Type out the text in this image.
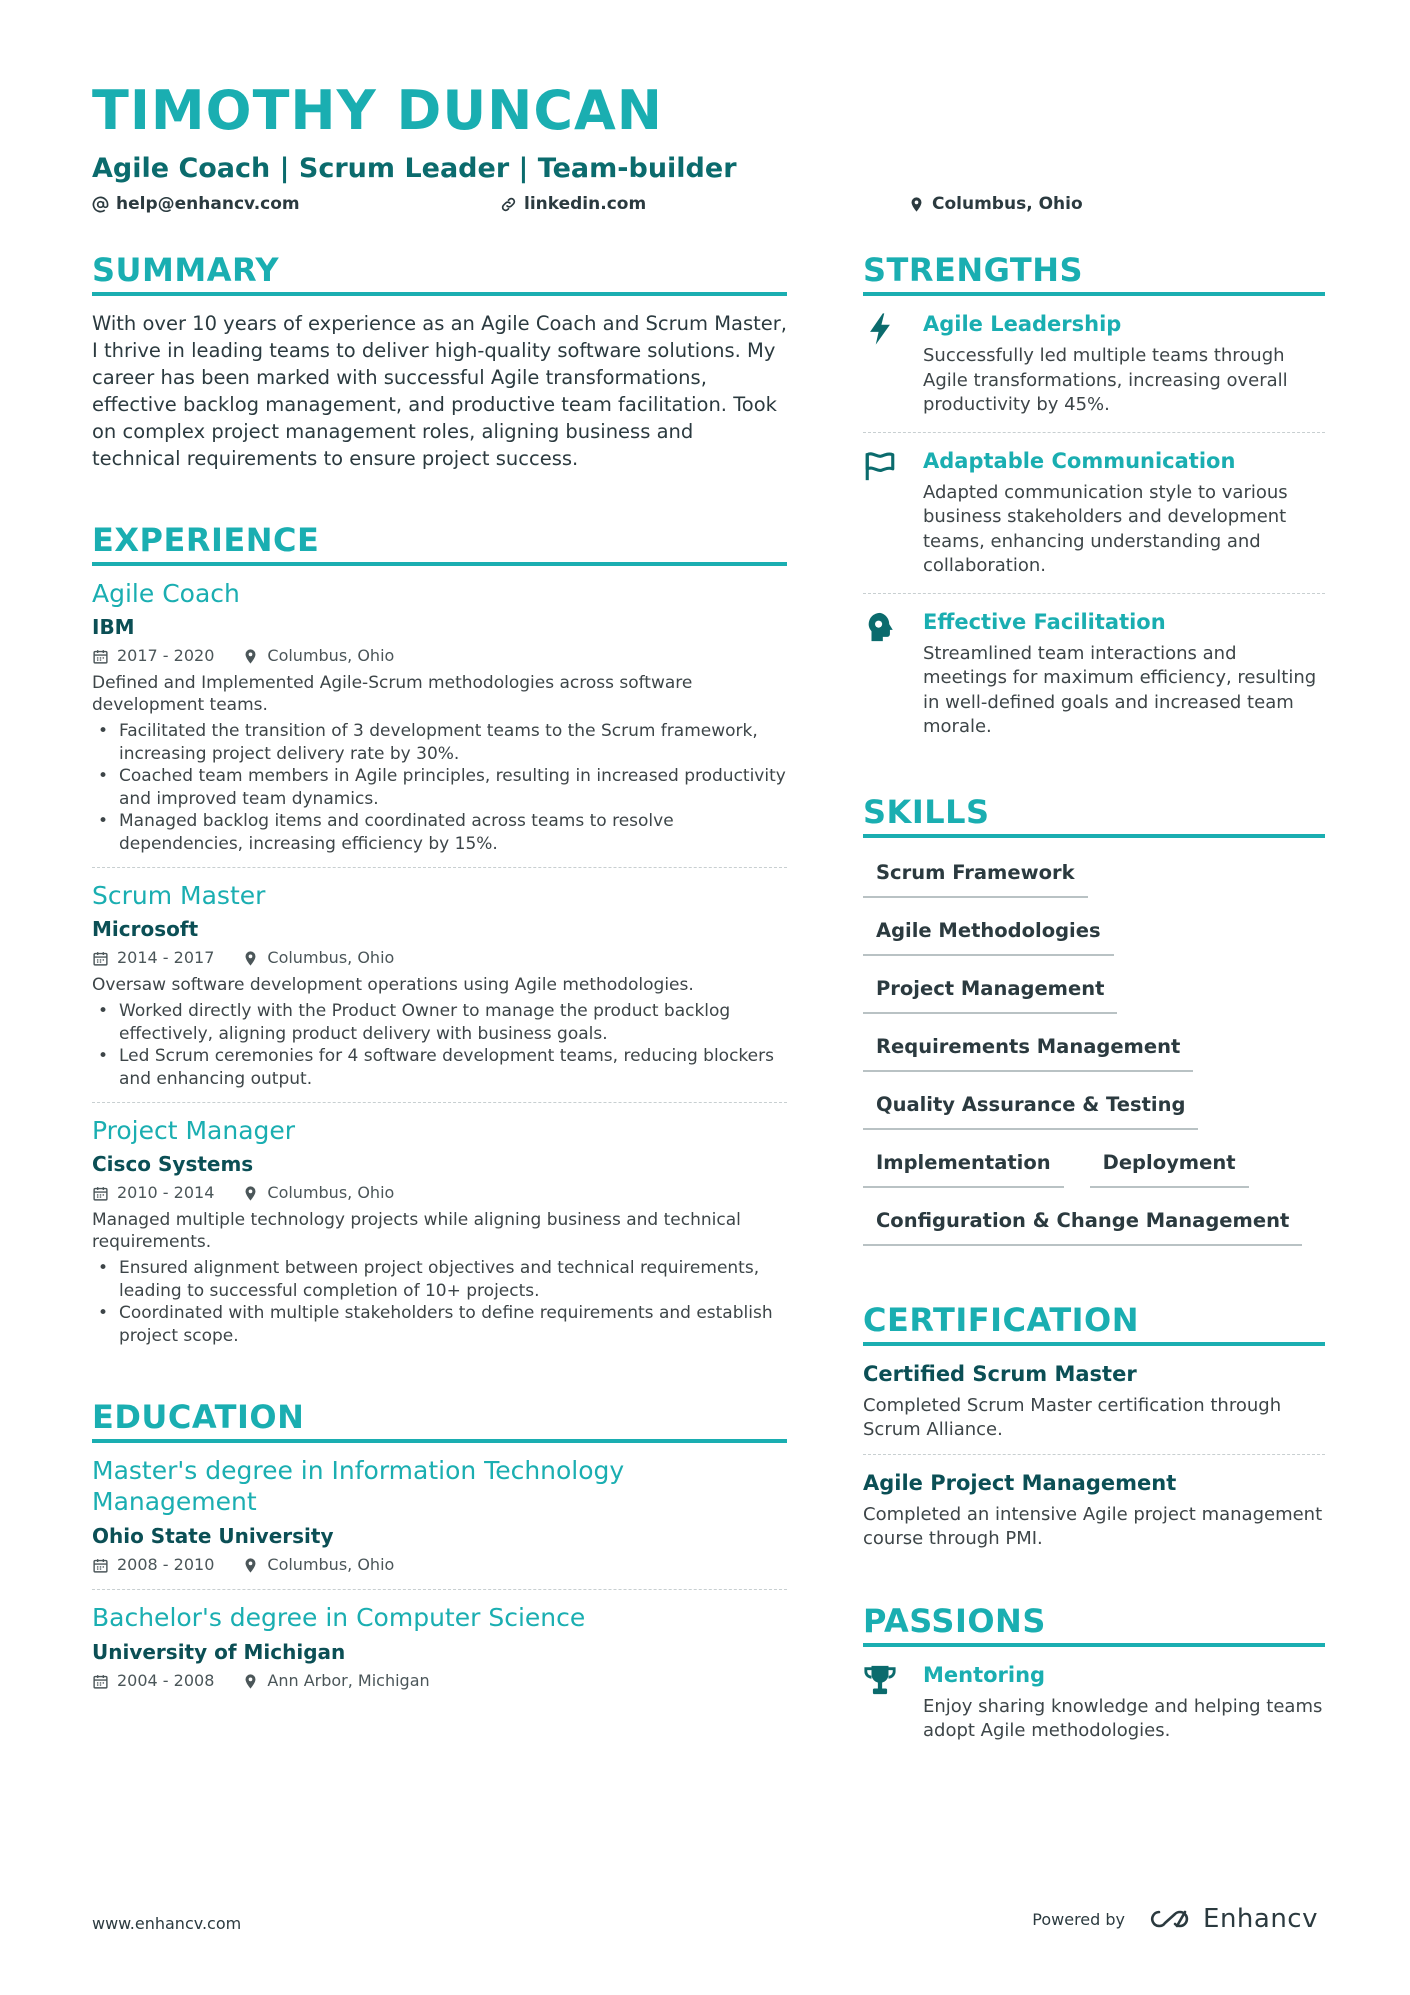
TIMOTHY DUNCAN
Agile Coach | Scrum Leader | Team-builder
help@enhancv.com	linkedin.com	Columbus, Ohio
SUMMARY
With over 10 years of experience as an Agile Coach and Scrum Master, I thrive in leading teams to deliver high-quality software solutions. My career has been marked with successful Agile transformations, effective backlog management, and productive team facilitation. Took on complex project management roles, aligning business and technical requirements to ensure project success.
EXPERIENCE
Agile Coach
IBM
2017 - 2020	Columbus, Ohio
Defined and Implemented Agile-Scrum methodologies across software development teams.
• Facilitated the transition of 3 development teams to the Scrum framework, increasing project delivery rate by 30%.
• Coached team members in Agile principles, resulting in increased productivity and improved team dynamics.
• Managed backlog items and coordinated across teams to resolve dependencies, increasing efficiency by 15%.
Scrum Master
Microsoft
2014 - 2017	Columbus, Ohio
Oversaw software development operations using Agile methodologies.
• Worked directly with the Product Owner to manage the product backlog effectively, aligning product delivery with business goals.
• Led Scrum ceremonies for 4 software development teams, reducing blockers and enhancing output.
Project Manager
Cisco Systems
2010 - 2014	Columbus, Ohio
Managed multiple technology projects while aligning business and technical requirements.
• Ensured alignment between project objectives and technical requirements, leading to successful completion of 10+ projects.
• Coordinated with multiple stakeholders to define requirements and establish project scope.
EDUCATION
Master's degree in Information Technology Management
Ohio State University
2008 - 2010	Columbus, Ohio
Bachelor's degree in Computer Science
University of Michigan
2004 - 2008	Ann Arbor, Michigan
STRENGTHS
Agile Leadership
Successfully led multiple teams through Agile transformations, increasing overall productivity by 45%.
Adaptable Communication
Adapted communication style to various business stakeholders and development teams, enhancing understanding and collaboration.
Effective Facilitation
Streamlined team interactions and meetings for maximum efficiency, resulting in well-defined goals and increased team morale.
SKILLS
Scrum Framework
Agile Methodologies
Project Management
Requirements Management
Quality Assurance & Testing
Implementation	Deployment
Configuration & Change Management
CERTIFICATION
Certified Scrum Master
Completed Scrum Master certification through Scrum Alliance.
Agile Project Management
Completed an intensive Agile project management course through PMI.
PASSIONS
Mentoring
Enjoy sharing knowledge and helping teams adopt Agile methodologies.
www.enhancv.com	Powered by	Enhancv
